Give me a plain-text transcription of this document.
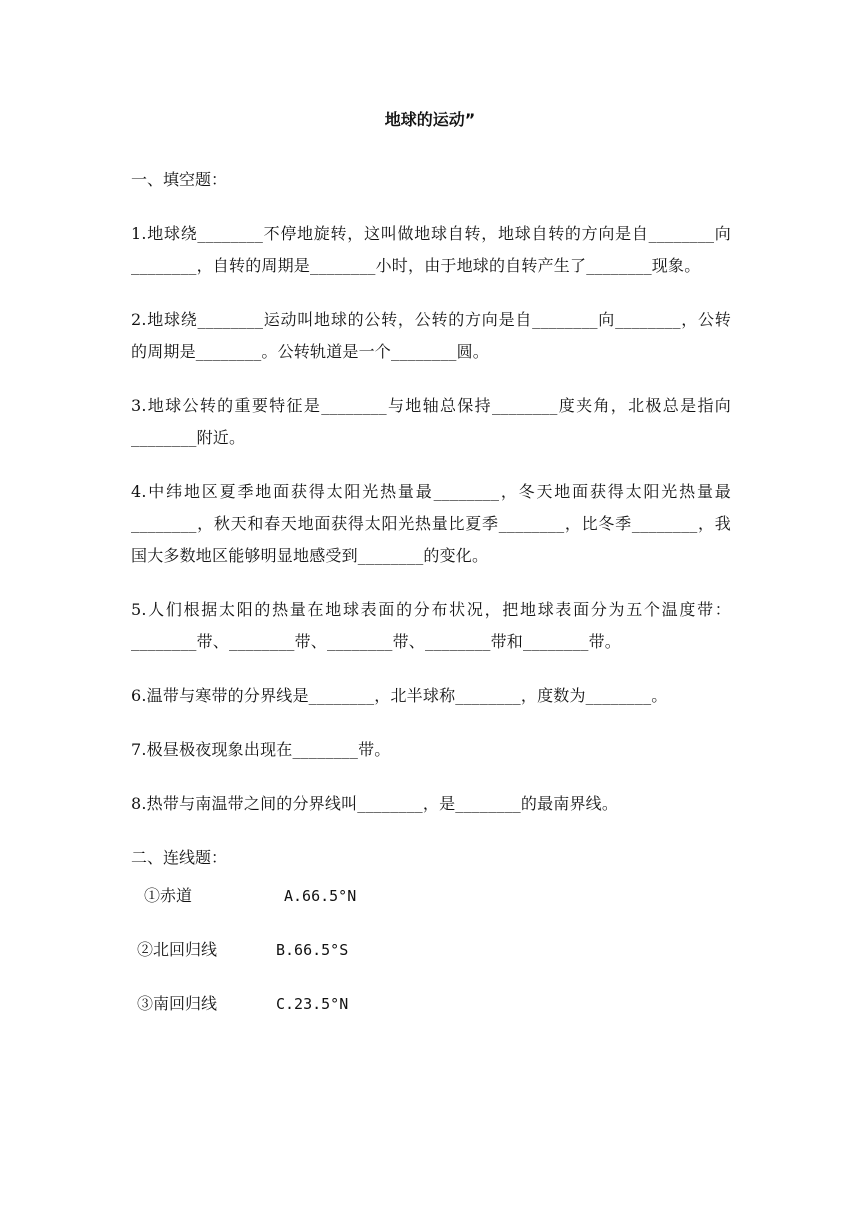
地球的运动”

一、填空题：

1.地球绕________不停地旋转，这叫做地球自转，地球自转的方向是自________向________，自转的周期是________小时，由于地球的自转产生了________现象。

2.地球绕________运动叫地球的公转，公转的方向是自________向________，公转的周期是________。公转轨道是一个________圆。

3.地球公转的重要特征是________与地轴总保持________度夹角，北极总是指向________附近。

4.中纬地区夏季地面获得太阳光热量最________，冬天地面获得太阳光热量最________，秋天和春天地面获得太阳光热量比夏季________，比冬季________，我国大多数地区能够明显地感受到________的变化。

5.人们根据太阳的热量在地球表面的分布状况，把地球表面分为五个温度带：________带、________带、________带、________带和________带。

6.温带与寒带的分界线是________，北半球称________，度数为________。

7.极昼极夜现象出现在________带。

8.热带与南温带之间的分界线叫________，是________的最南界线。

二、连线题：

①赤道	A.66.5°N
②北回归线	B.66.5°S
③南回归线	C.23.5°N
